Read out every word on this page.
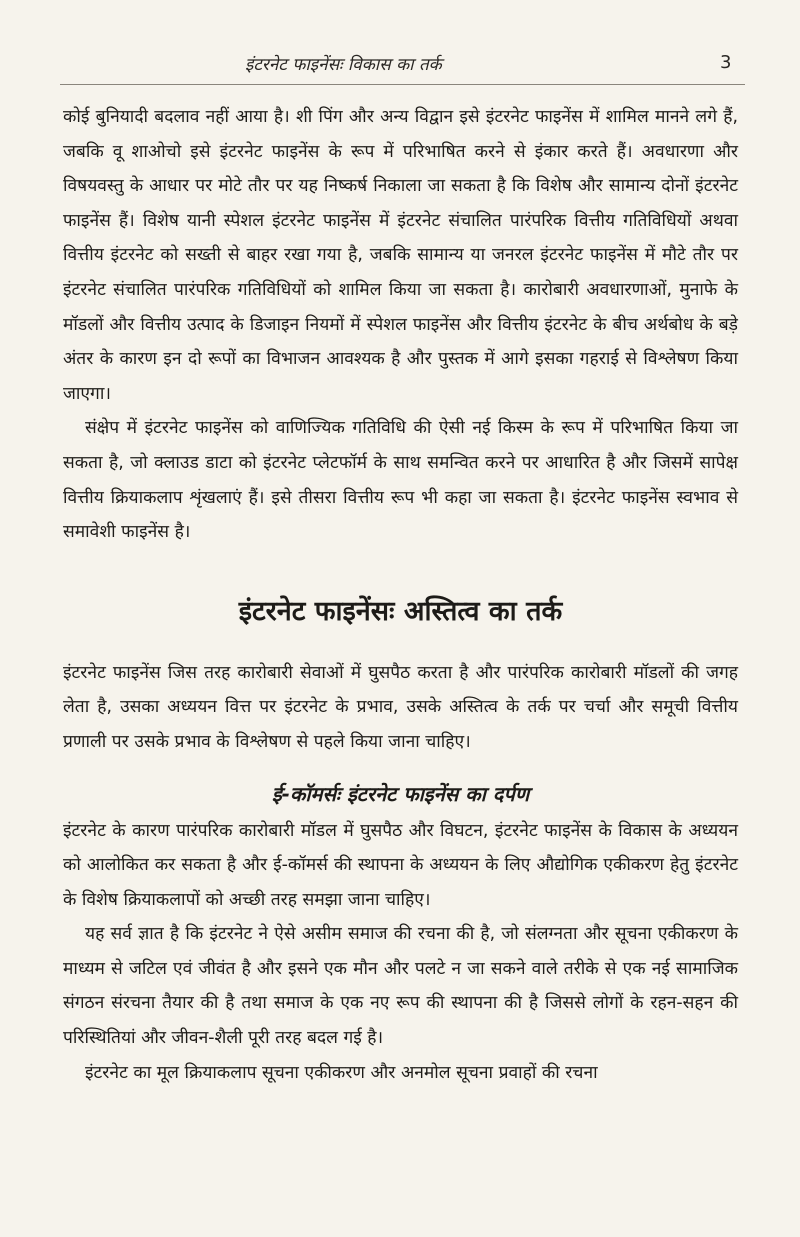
इंटरनेट फाइनेंसः विकास का तर्क	3

कोई बुनियादी बदलाव नहीं आया है। शी पिंग और अन्य विद्वान इसे इंटरनेट फाइनेंस में शामिल मानने लगे हैं, जबकि वू शाओचो इसे इंटरनेट फाइनेंस के रूप में परिभाषित करने से इंकार करते हैं। अवधारणा और विषयवस्तु के आधार पर मोटे तौर पर यह निष्कर्ष निकाला जा सकता है कि विशेष और सामान्य दोनों इंटरनेट फाइनेंस हैं। विशेष यानी स्पेशल इंटरनेट फाइनेंस में इंटरनेट संचालित पारंपरिक वित्तीय गतिविधियों अथवा वित्तीय इंटरनेट को सख्ती से बाहर रखा गया है, जबकि सामान्य या जनरल इंटरनेट फाइनेंस में मौटे तौर पर इंटरनेट संचालित पारंपरिक गतिविधियों को शामिल किया जा सकता है। कारोबारी अवधारणाओं, मुनाफे के मॉडलों और वित्तीय उत्पाद के डिजाइन नियमों में स्पेशल फाइनेंस और वित्तीय इंटरनेट के बीच अर्थबोध के बड़े अंतर के कारण इन दो रूपों का विभाजन आवश्यक है और पुस्तक में आगे इसका गहराई से विश्लेषण किया जाएगा।

संक्षेप में इंटरनेट फाइनेंस को वाणिज्यिक गतिविधि की ऐसी नई किस्म के रूप में परिभाषित किया जा सकता है, जो क्लाउड डाटा को इंटरनेट प्लेटफॉर्म के साथ समन्वित करने पर आधारित है और जिसमें सापेक्ष वित्तीय क्रियाकलाप शृंखलाएं हैं। इसे तीसरा वित्तीय रूप भी कहा जा सकता है। इंटरनेट फाइनेंस स्वभाव से समावेशी फाइनेंस है।

इंटरनेट फाइनेंसः अस्तित्व का तर्क

इंटरनेट फाइनेंस जिस तरह कारोबारी सेवाओं में घुसपैठ करता है और पारंपरिक कारोबारी मॉडलों की जगह लेता है, उसका अध्ययन वित्त पर इंटरनेट के प्रभाव, उसके अस्तित्व के तर्क पर चर्चा और समूची वित्तीय प्रणाली पर उसके प्रभाव के विश्लेषण से पहले किया जाना चाहिए।

ई-कॉमर्सः इंटरनेट फाइनेंस का दर्पण

इंटरनेट के कारण पारंपरिक कारोबारी मॉडल में घुसपैठ और विघटन, इंटरनेट फाइनेंस के विकास के अध्ययन को आलोकित कर सकता है और ई-कॉमर्स की स्थापना के अध्ययन के लिए औद्योगिक एकीकरण हेतु इंटरनेट के विशेष क्रियाकलापों को अच्छी तरह समझा जाना चाहिए।

यह सर्व ज्ञात है कि इंटरनेट ने ऐसे असीम समाज की रचना की है, जो संलग्नता और सूचना एकीकरण के माध्यम से जटिल एवं जीवंत है और इसने एक मौन और पलटे न जा सकने वाले तरीके से एक नई सामाजिक संगठन संरचना तैयार की है तथा समाज के एक नए रूप की स्थापना की है जिससे लोगों के रहन-सहन की परिस्थितियां और जीवन-शैली पूरी तरह बदल गई है।

इंटरनेट का मूल क्रियाकलाप सूचना एकीकरण और अनमोल सूचना प्रवाहों की रचना
